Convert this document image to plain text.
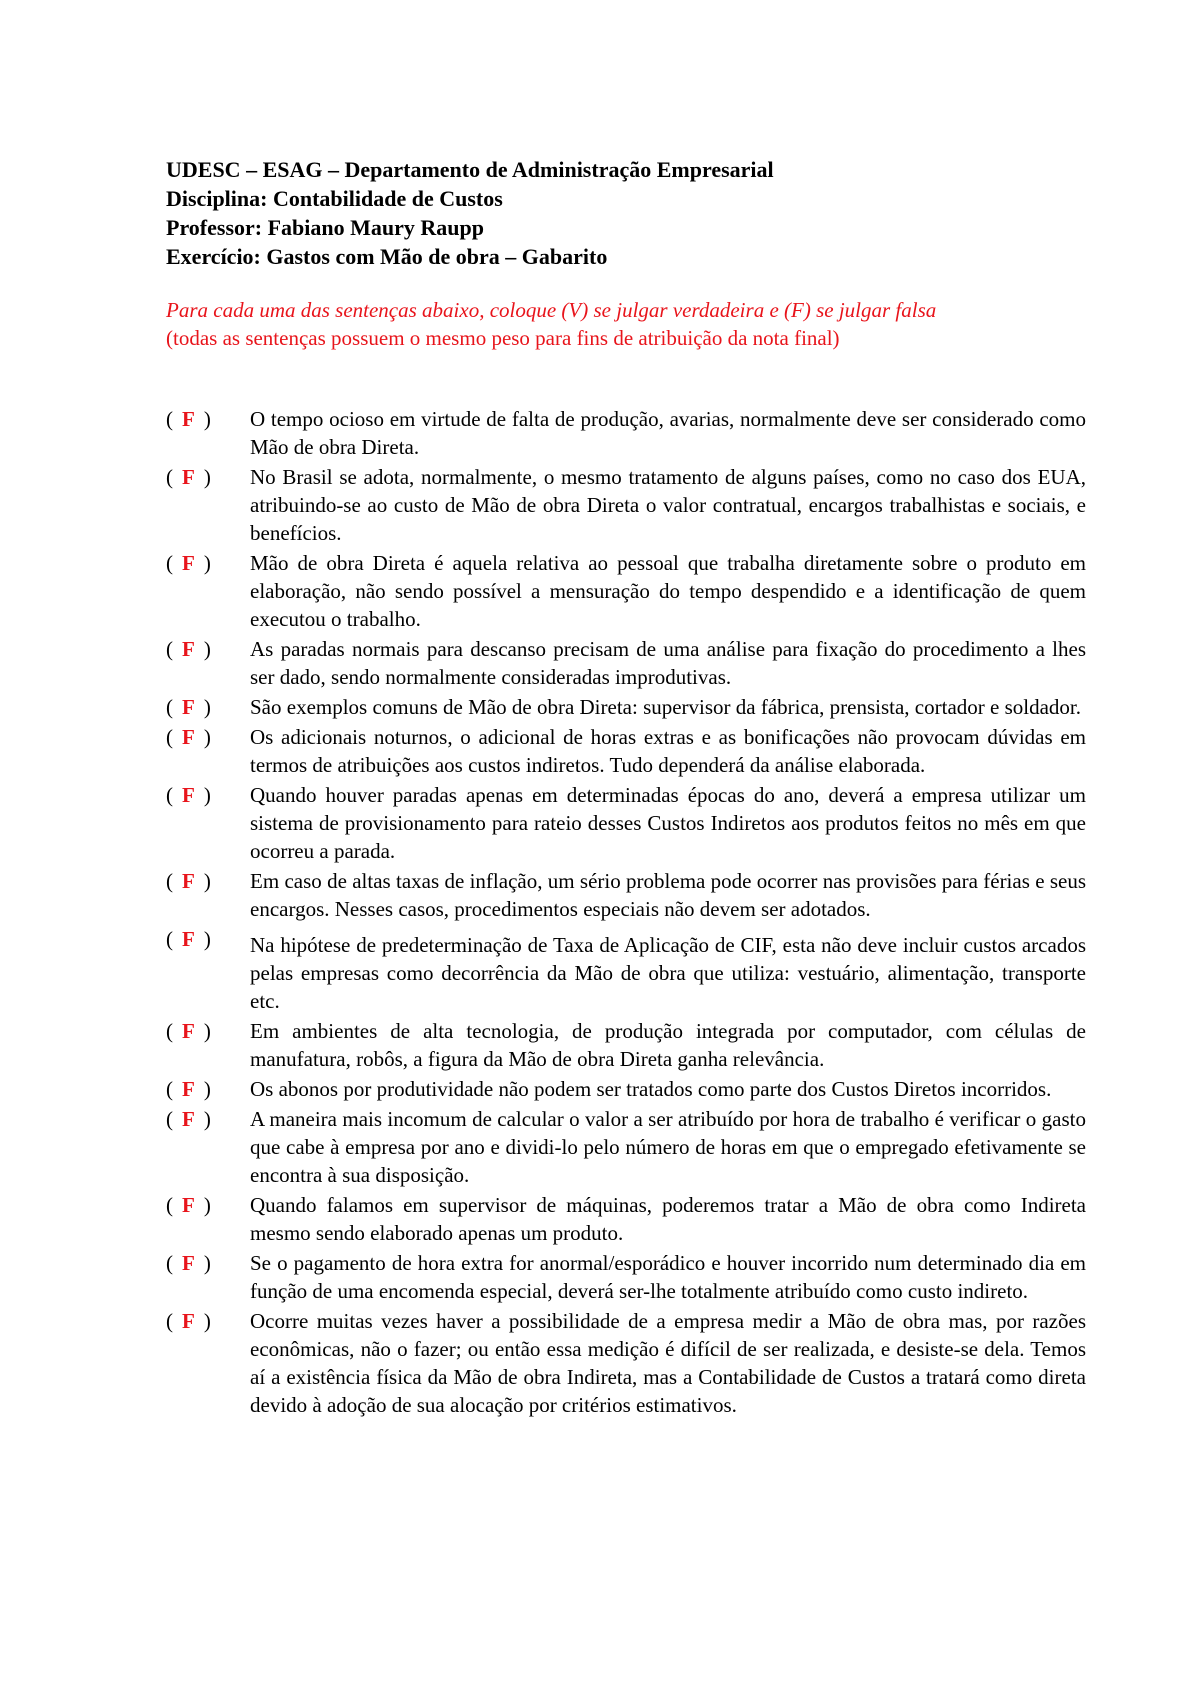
UDESC – ESAG – Departamento de Administração Empresarial
Disciplina: Contabilidade de Custos
Professor: Fabiano Maury Raupp
Exercício: Gastos com Mão de obra – Gabarito
Para cada uma das sentenças abaixo, coloque (V) se julgar verdadeira e (F) se julgar falsa
(todas as sentenças possuem o mesmo peso para fins de atribuição da nota final)
( F )	O tempo ocioso em virtude de falta de produção, avarias, normalmente deve ser considerado como Mão de obra Direta.
( F )	No Brasil se adota, normalmente, o mesmo tratamento de alguns países, como no caso dos EUA, atribuindo-se ao custo de Mão de obra Direta o valor contratual, encargos trabalhistas e sociais, e benefícios.
( F )	Mão de obra Direta é aquela relativa ao pessoal que trabalha diretamente sobre o produto em elaboração, não sendo possível a mensuração do tempo despendido e a identificação de quem executou o trabalho.
( F )	As paradas normais para descanso precisam de uma análise para fixação do procedimento a lhes ser dado, sendo normalmente consideradas improdutivas.
( F )	São exemplos comuns de Mão de obra Direta: supervisor da fábrica, prensista, cortador e soldador.
( F )	Os adicionais noturnos, o adicional de horas extras e as bonificações não provocam dúvidas em termos de atribuições aos custos indiretos. Tudo dependerá da análise elaborada.
( F )	Quando houver paradas apenas em determinadas épocas do ano, deverá a empresa utilizar um sistema de provisionamento para rateio desses Custos Indiretos aos produtos feitos no mês em que ocorreu a parada.
( F )	Em caso de altas taxas de inflação, um sério problema pode ocorrer nas provisões para férias e seus encargos. Nesses casos, procedimentos especiais não devem ser adotados.
( F )	Na hipótese de predeterminação de Taxa de Aplicação de CIF, esta não deve incluir custos arcados pelas empresas como decorrência da Mão de obra que utiliza: vestuário, alimentação, transporte etc.
( F )	Em ambientes de alta tecnologia, de produção integrada por computador, com células de manufatura, robôs, a figura da Mão de obra Direta ganha relevância.
( F )	Os abonos por produtividade não podem ser tratados como parte dos Custos Diretos incorridos.
( F )	A maneira mais incomum de calcular o valor a ser atribuído por hora de trabalho é verificar o gasto que cabe à empresa por ano e dividi-lo pelo número de horas em que o empregado efetivamente se encontra à sua disposição.
( F )	Quando falamos em supervisor de máquinas, poderemos tratar a Mão de obra como Indireta mesmo sendo elaborado apenas um produto.
( F )	Se o pagamento de hora extra for anormal/esporádico e houver incorrido num determinado dia em função de uma encomenda especial, deverá ser-lhe totalmente atribuído como custo indireto.
( F )	Ocorre muitas vezes haver a possibilidade de a empresa medir a Mão de obra mas, por razões econômicas, não o fazer; ou então essa medição é difícil de ser realizada, e desiste-se dela. Temos aí a existência física da Mão de obra Indireta, mas a Contabilidade de Custos a tratará como direta devido à adoção de sua alocação por critérios estimativos.
